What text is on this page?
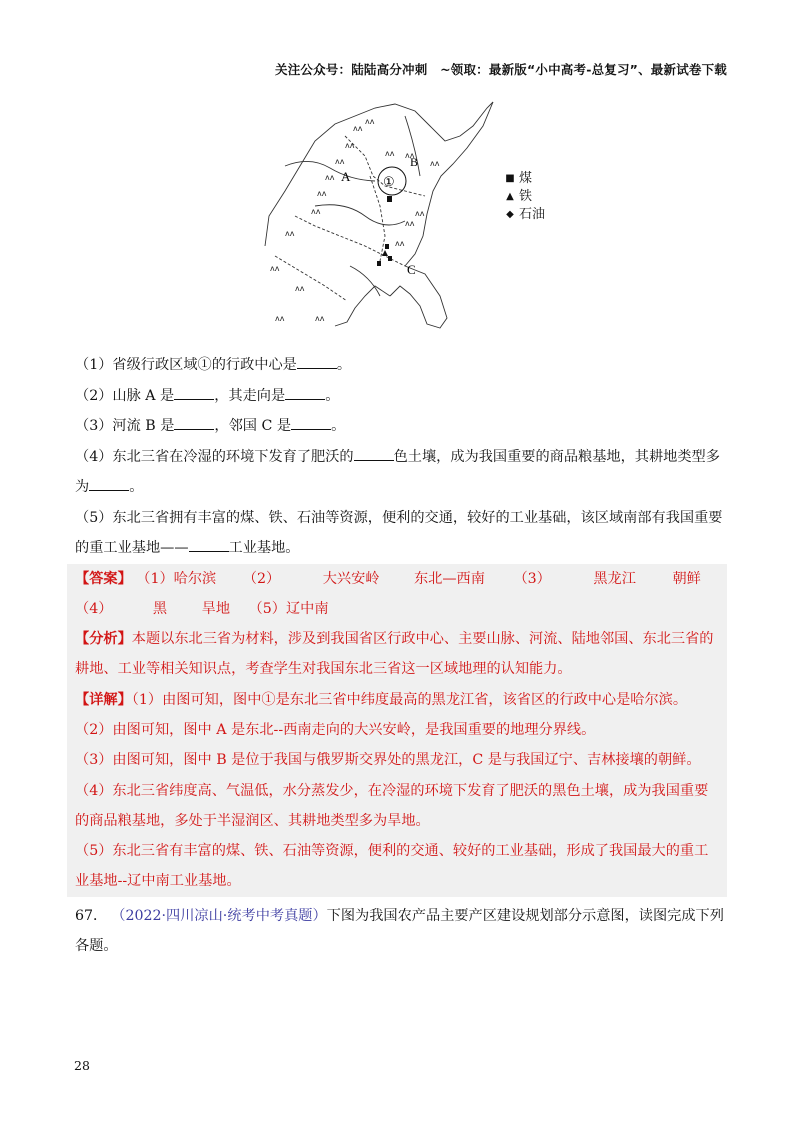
关注公众号：陆陆高分冲刺　~领取：最新版“小中高考-总复习”、最新试卷下载
ʌʌ
ʌʌ
ʌʌ
ʌʌ
ʌʌ
ʌʌ
ʌʌ
ʌʌ ʌʌ
ʌʌ
ʌʌ
ʌʌ
ʌʌ
ʌʌ
ʌʌ	ʌʌ
ʌʌ
ʌʌ
①
A
B
C
■ 煤
▲ 铁
◆ 石油
（1）省级行政区域①的行政中心是	。
（2）山脉 A 是	，其走向是	。
（3）河流 B 是	，邻国 C 是	。
（4）东北三省在冷湿的环境下发育了肥沃的	色土壤，成为我国重要的商品粮基地，其耕地类型多
为	。
（5）东北三省拥有丰富的煤、铁、石油等资源，便利的交通，较好的工业基础，该区域南部有我国重要
的重工业基地——	工业基地。
【答案】 （1）哈尔滨 （2）	大兴安岭 东北—西南 （3）	黑龙江	朝鲜
（4）	黑 旱地 （5）辽中南
【分析】本题以东北三省为材料，涉及到我国省区行政中心、主要山脉、河流、陆地邻国、东北三省的耕地、工业等相关知识点，考查学生对我国东北三省这一区域地理的认知能力。
【详解】（1）由图可知，图中①是东北三省中纬度最高的黑龙江省，该省区的行政中心是哈尔滨。
（2）由图可知，图中 A 是东北--西南走向的大兴安岭，是我国重要的地理分界线。
（3）由图可知，图中 B 是位于我国与俄罗斯交界处的黑龙江，C 是与我国辽宁、吉林接壤的朝鲜。
（4）东北三省纬度高、气温低，水分蒸发少，在冷湿的环境下发育了肥沃的黑色土壤，成为我国重要的商品粮基地，多处于半湿润区、其耕地类型多为旱地。
（5）东北三省有丰富的煤、铁、石油等资源，便利的交通、较好的工业基础，形成了我国最大的重工业基地--辽中南工业基地。
67． （2022·四川凉山·统考中考真题）下图为我国农产品主要产区建设规划部分示意图，读图完成下列各题。
28
